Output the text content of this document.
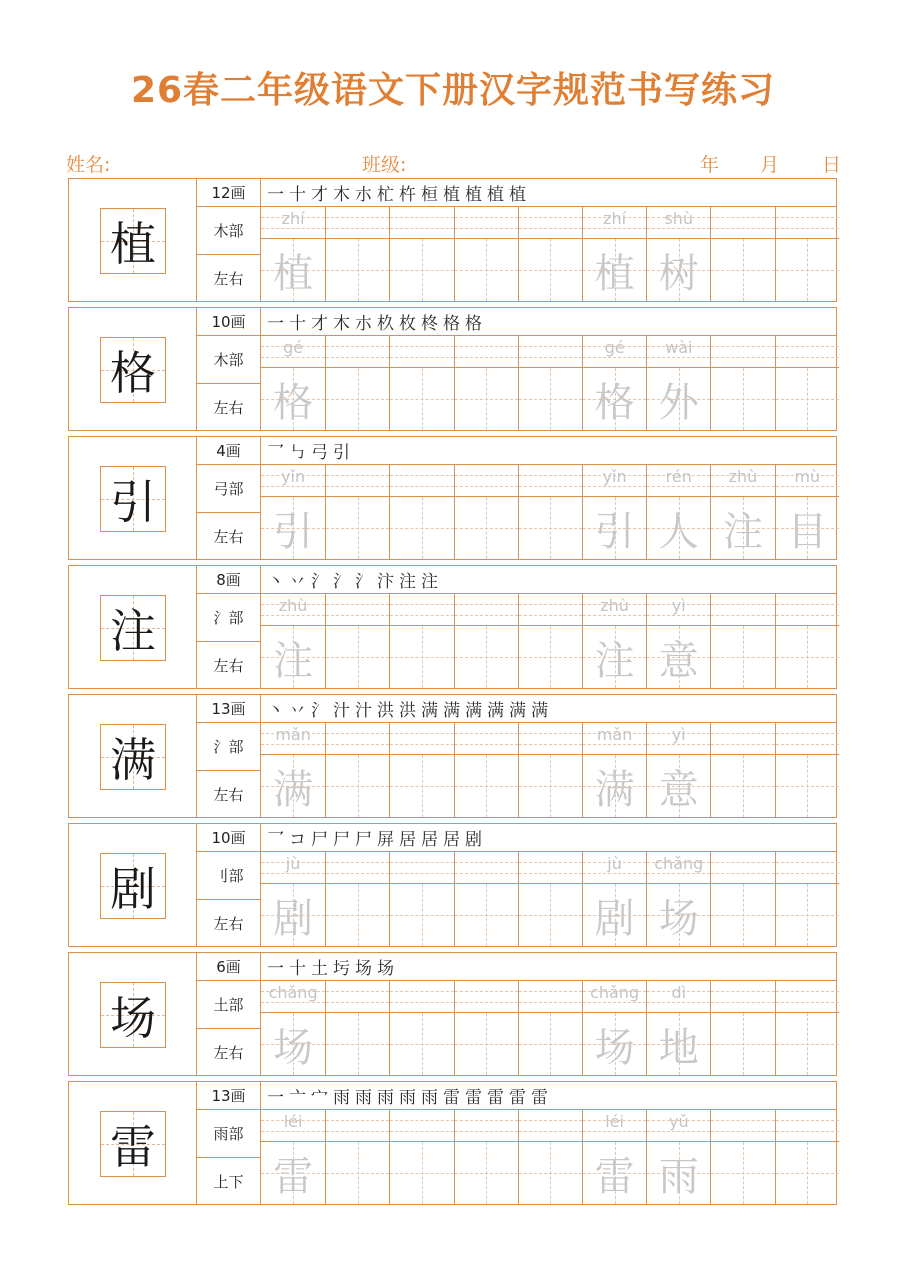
26春二年级语文下册汉字规范书写练习
姓名:	班级:	年 月 日
植
12画
木部
左右
一 十 才 木 朩 杧 杵 桓 植 植 植 植
zhí
植
zhí
植
shù
树
格
10画
木部
左右
一 十 才 木 朩 杦 枚 柊 格 格
gé
格
gé
格
wài
外
引
4画
弓部
左右
乛 ㇉ 弓 引
yǐn
引
yǐn
引
rén
人
zhù
注
mù
目
注
8画
氵部
左右
丶 丷 氵 氵 氵 汴 注 注
zhù
注
zhù
注
yì
意
满
13画
氵部
左右
丶 丷 氵 汁 汁 洪 洪 满 满 满 满 满 满
mǎn
满
mǎn
满
yì
意
剧
10画
刂部
左右
乛 コ 尸 尸 尸 屏 居 居 居 剧
jù
剧
jù
剧
chǎng
场
场
6画
土部
左右
一 十 土 圬 场 场
chǎng
场
chǎng
场
dì
地
雷
13画
雨部
上下
一 亠 宀 雨 雨 雨 雨 雨 雷 雷 雷 雷 雷
léi
雷
léi
雷
yǔ
雨
